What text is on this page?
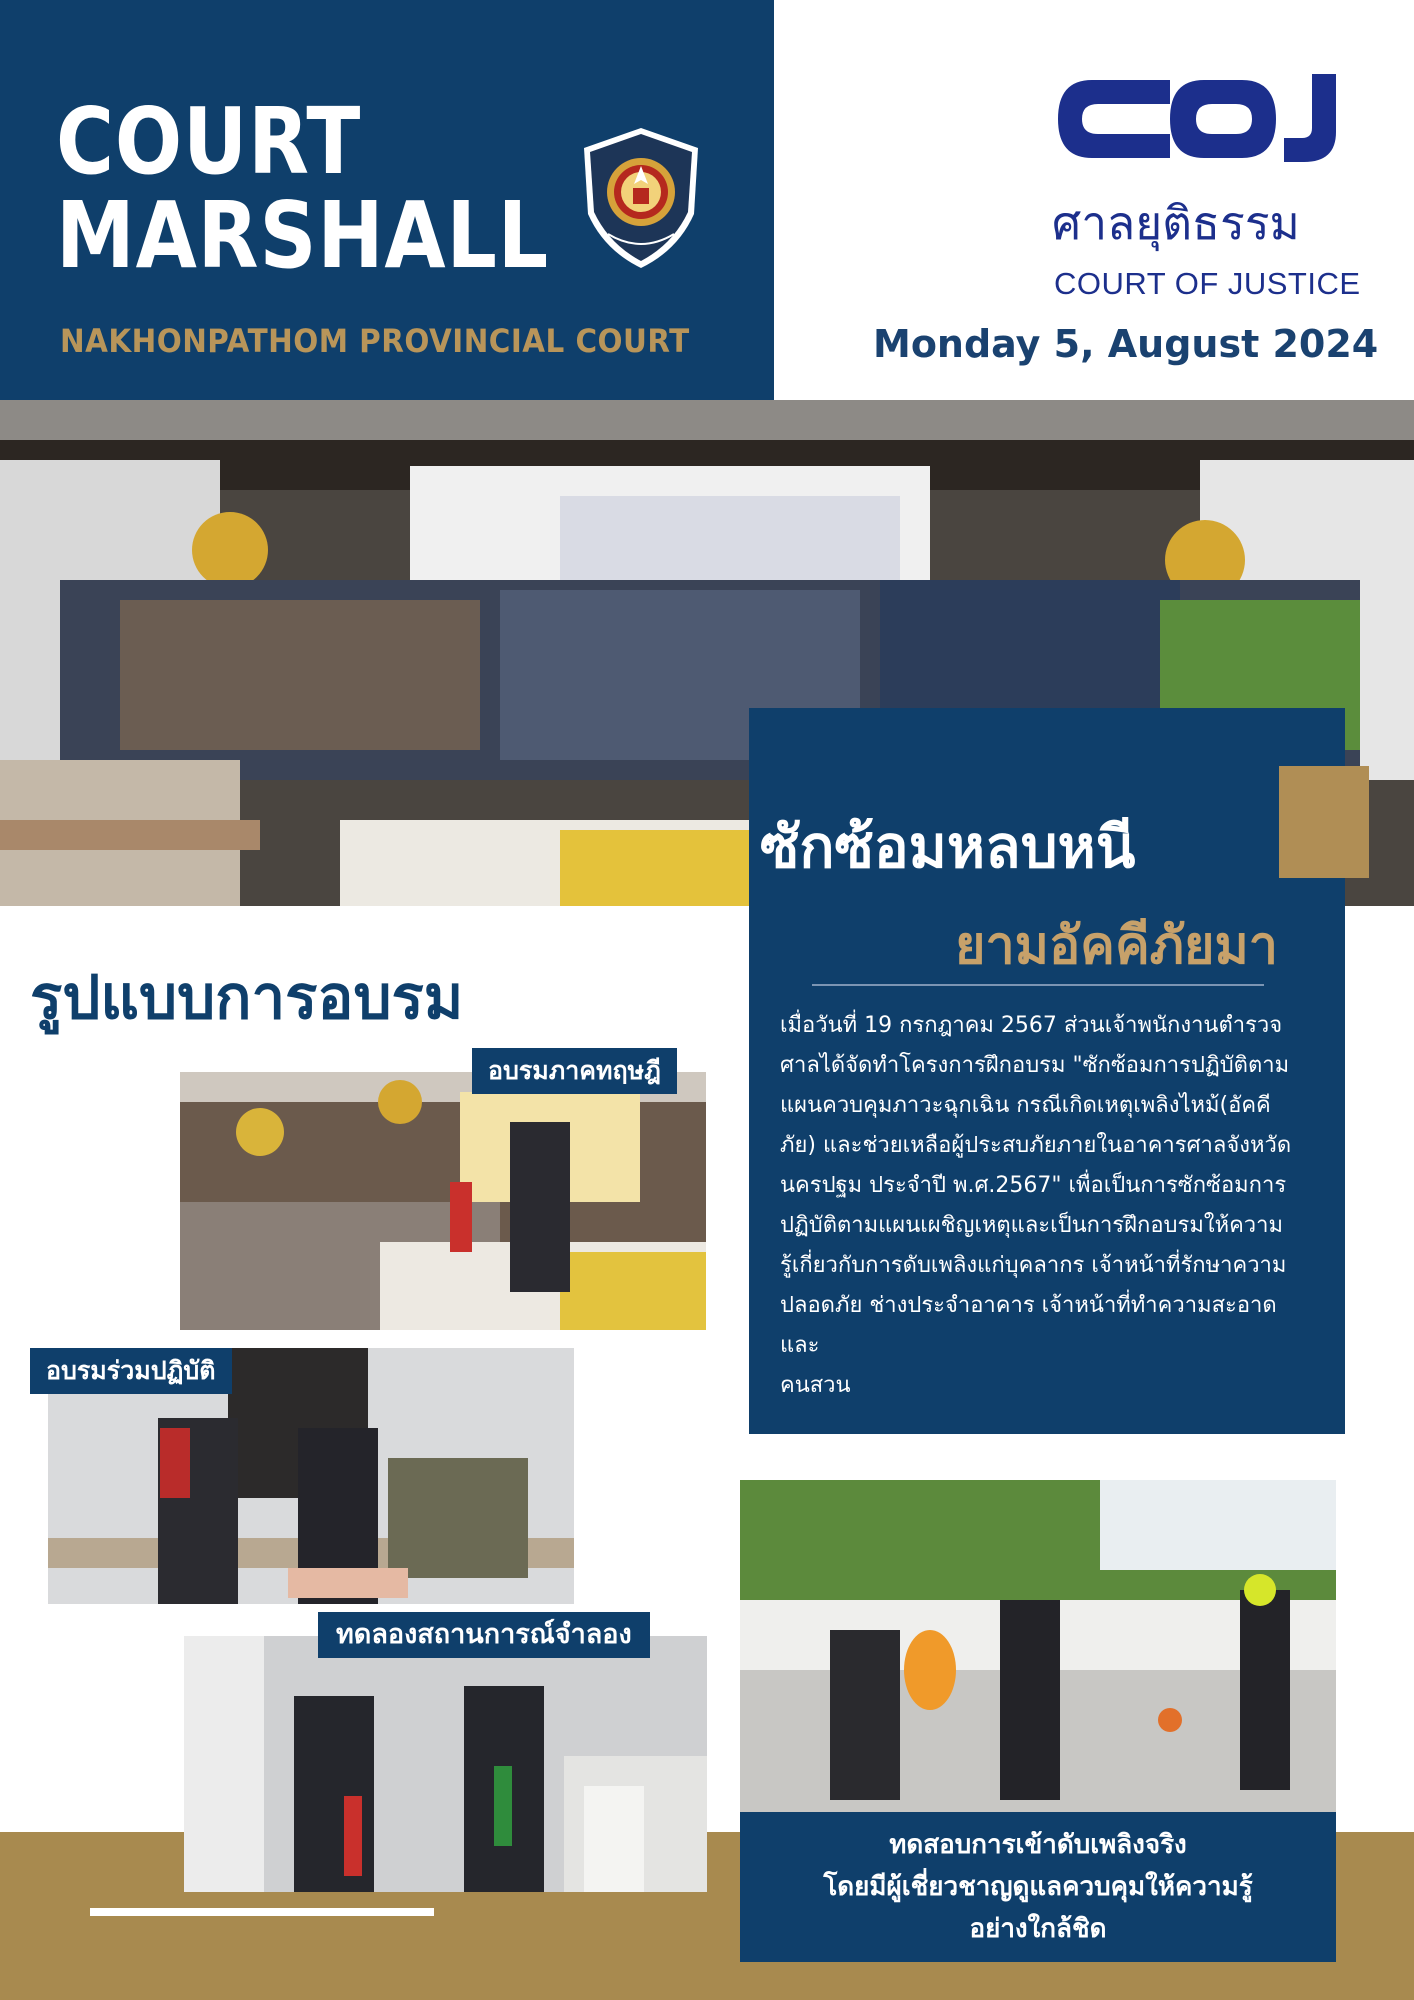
COURT
MARSHALL
NAKHONPATHOM PROVINCIAL COURT
ศาลยุติธรรม
COURT OF JUSTICE
Monday 5, August 2024
ซักซ้อมหลบหนี
ยามอัคคีภัยมา
เมื่อวันที่ 19 กรกฎาคม 2567 ส่วนเจ้าพนักงานตำรวจ
ศาลได้จัดทำโครงการฝึกอบรม "ซักซ้อมการปฏิบัติตาม
แผนควบคุมภาวะฉุกเฉิน กรณีเกิดเหตุเพลิงไหม้(อัคคี
ภัย) และช่วยเหลือผู้ประสบภัยภายในอาคารศาลจังหวัด
นครปฐม ประจำปี พ.ศ.2567" เพื่อเป็นการซักซ้อมการ
ปฏิบัติตามแผนเผชิญเหตุและเป็นการฝึกอบรมให้ความ
รู้เกี่ยวกับการดับเพลิงแก่บุคลากร เจ้าหน้าที่รักษาความ
ปลอดภัย ช่างประจำอาคาร เจ้าหน้าที่ทำความสะอาดและ
คนสวน
รูปแบบการอบรม
อบรมภาคทฤษฎี
อบรมร่วมปฏิบัติ
ทดลองสถานการณ์จำลอง
ทดสอบการเข้าดับเพลิงจริง
โดยมีผู้เชี่ยวชาญดูแลควบคุมให้ความรู้
อย่างใกล้ชิด
